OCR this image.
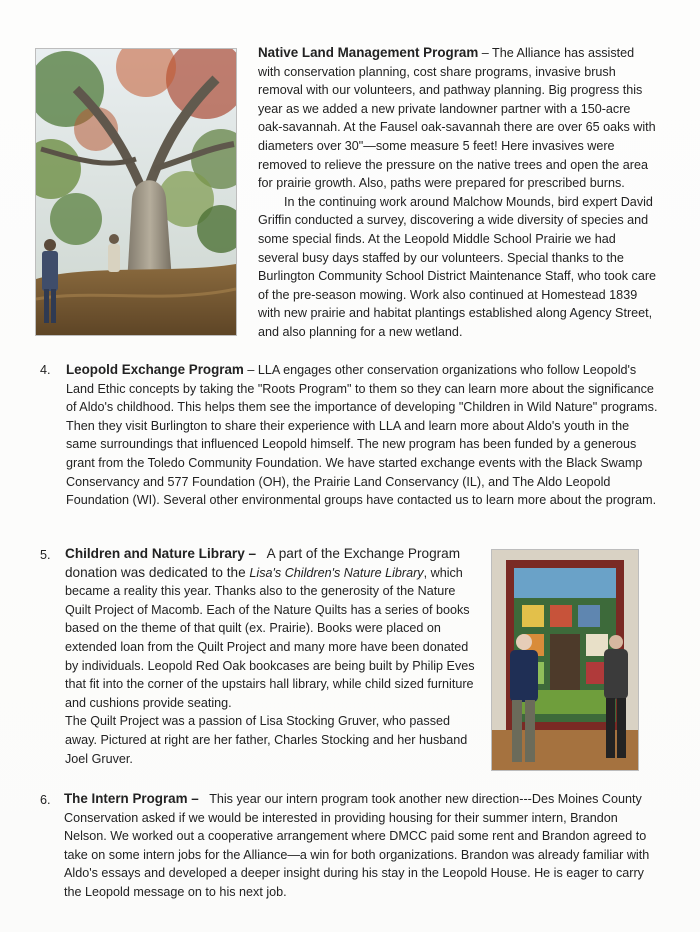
Native Land Management Program – The Alliance has assisted with conservation planning, cost share programs, invasive brush removal with our volunteers, and pathway planning. Big progress this year as we added a new private landowner partner with a 150-acre oak-savannah. At the Fausel oak-savannah there are over 65 oaks with diameters over 30"—some measure 5 feet! Here invasives were removed to relieve the pressure on the native trees and open the area for prairie growth. Also, paths were prepared for prescribed burns.

In the continuing work around Malchow Mounds, bird expert David Griffin conducted a survey, discovering a wide diversity of species and some special finds. At the Leopold Middle School Prairie we had several busy days staffed by our volunteers. Special thanks to the Burlington Community School District Maintenance Staff, who took care of the pre-season mowing. Work also continued at Homestead 1839 with new prairie and habitat plantings established along Agency Street, and also planning for a new wetland.

4. Leopold Exchange Program – LLA engages other conservation organizations who follow Leopold's Land Ethic concepts by taking the "Roots Program" to them so they can learn more about the significance of Aldo's childhood. This helps them see the importance of developing "Children in Wild Nature" programs. Then they visit Burlington to share their experience with LLA and learn more about Aldo's youth in the same surroundings that influenced Leopold himself. The new program has been funded by a generous grant from the Toledo Community Foundation. We have started exchange events with the Black Swamp Conservancy and 577 Foundation (OH), the Prairie Land Conservancy (IL), and The Aldo Leopold Foundation (WI). Several other environmental groups have contacted us to learn more about the program.

5. Children and Nature Library – A part of the Exchange Program donation was dedicated to the Lisa's Children's Nature Library, which became a reality this year. Thanks also to the generosity of the Nature Quilt Project of Macomb. Each of the Nature Quilts has a series of books based on the theme of that quilt (ex. Prairie). Books were placed on extended loan from the Quilt Project and many more have been donated by individuals. Leopold Red Oak bookcases are being built by Philip Eves that fit into the corner of the upstairs hall library, while child sized furniture and cushions provide seating.

The Quilt Project was a passion of Lisa Stocking Gruver, who passed away. Pictured at right are her father, Charles Stocking and her husband Joel Gruver.

6. The Intern Program – This year our intern program took another new direction---Des Moines County Conservation asked if we would be interested in providing housing for their summer intern, Brandon Nelson. We worked out a cooperative arrangement where DMCC paid some rent and Brandon agreed to take on some intern jobs for the Alliance—a win for both organizations. Brandon was already familiar with Aldo's essays and developed a deeper insight during his stay in the Leopold House. He is eager to carry the Leopold message on to his next job.
